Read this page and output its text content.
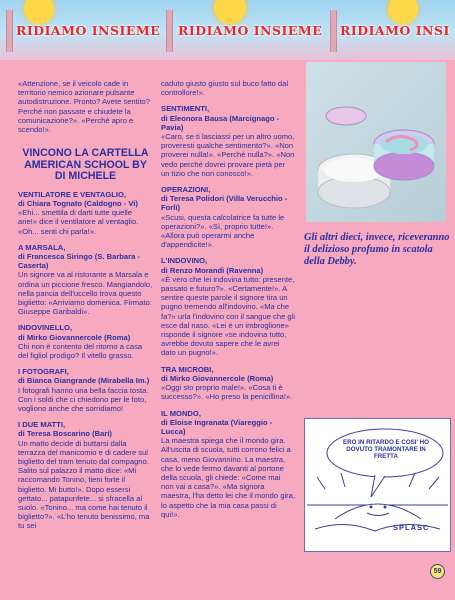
RIDIAMO INSIEME RIDIAMO INSIEME RIDIAMO INSI

«Attenzione, se il veicolo cade in territorio nemico azionare pulsante autodistruzione. Pronto? Avete sentito? Perché non passate e chiudete la comunicazione?». «Perché apro e scendo!».

VINCONO LA CARTELLA AMERICAN SCHOOL BY DI MICHELE

VENTILATORE E VENTAGLIO,

di Chiara Tognato (Caldogno - Vi)

«Ehi... smettila di darti tutte quelle arie!» dice il ventilatore al ventaglio. «Oh... senti chi parla!».

A MARSALA,

di Francesca Siringo (S. Barbara - Caserta)

Un signore va al ristorante a Marsala e ordina un piccione fresco. Mangiandolo, nella pancia dell'uccello trova questo biglietto: «Arriviamo domenica. Firmato: Giuseppe Garibaldi».

INDOVINELLO,

di Mirko Giovannercole (Roma)

Chi non è contento del ritorno a casa del figliol prodigo? Il vitello grasso.

I FOTOGRAFI,

di Bianca Giangrande (Mirabella Im.)

I fotografi hanno una bella faccia tosta. Con i soldi che ci chiedono per le foto, vogliono anche che sorridiamo!

I DUE MATTI,

di Teresa Boscarino (Bari)

Un matto decide di buttarsi dalla terrazza del manicomio e di cadere sul biglietto del tram tenuto dal compagno. Salito sul palazzo il matto dice: «Mi raccomando Tonino, tieni forte il biglietto. Mi butto!». Dopo essersi gettato... patapunfete... si sfracella al suolo. «Tonino... ma come hai tenuto il biglietto?». «L'ho tenuto benissimo, ma tu sei

caduto giusto giusto sul buco fatto dal controllore!».

SENTIMENTI,

di Eleonora Bausa (Marcignago - Pavia)

«Caro, se ti lasciassi per un altro uomo, proveresti qualche sentimento?». «Non proverei nulla!». «Perché nulla?». «Non vedo perché dovrei provare pietà per un tizio che non conosco!».

OPERAZIONI,

di Teresa Polidori (Villa Verucchio - Forlì)

«Scusi, questa calcolatrice fa tutte le operazioni?». «Sì, proprio tutte!». «Allora può operarmi anche d'appendicite!».

L'INDOVINO,

di Renzo Morandi (Ravenna)

«È vero che lei indovina tutto: presente, passato e futuro?». «Certamente!». A sentire queste parole il signore tira un pugno tremendo all'indovino. «Ma che fa?» urla l'indovino con il sangue che gli esce dal naso. «Lei è un imbroglione» risponde il signore «se indovina tutto, avrebbe dovuto sapere che le avrei dato un pugno!».

TRA MICROBI,

di Mirko Giovannercole (Roma)

«Oggi sto proprio male!». «Cosa ti è successo?». «Ho preso la penicillina!».

IL MONDO,

di Eloise Ingranata (Viareggio - Lucca)

La maestra spiega che il mondo gira. All'uscita di scuola, tutti corrono felici a casa, meno Giovannino. La maestra, che lo vede fermo davanti al portone della scuola, gli chiede: «Come mai non vai a casa?». «Ma signora maestra, l'ha detto lei che il mondo gira, lo aspetto che la mia casa passi di qui!».

Gli altri dieci, invece, riceveranno il delizioso profumo in scatola della Debby.

ERO IN RITARDO E COSI' HO DOVUTO TRAMONTARE IN FRETTA
SPLASC
59
